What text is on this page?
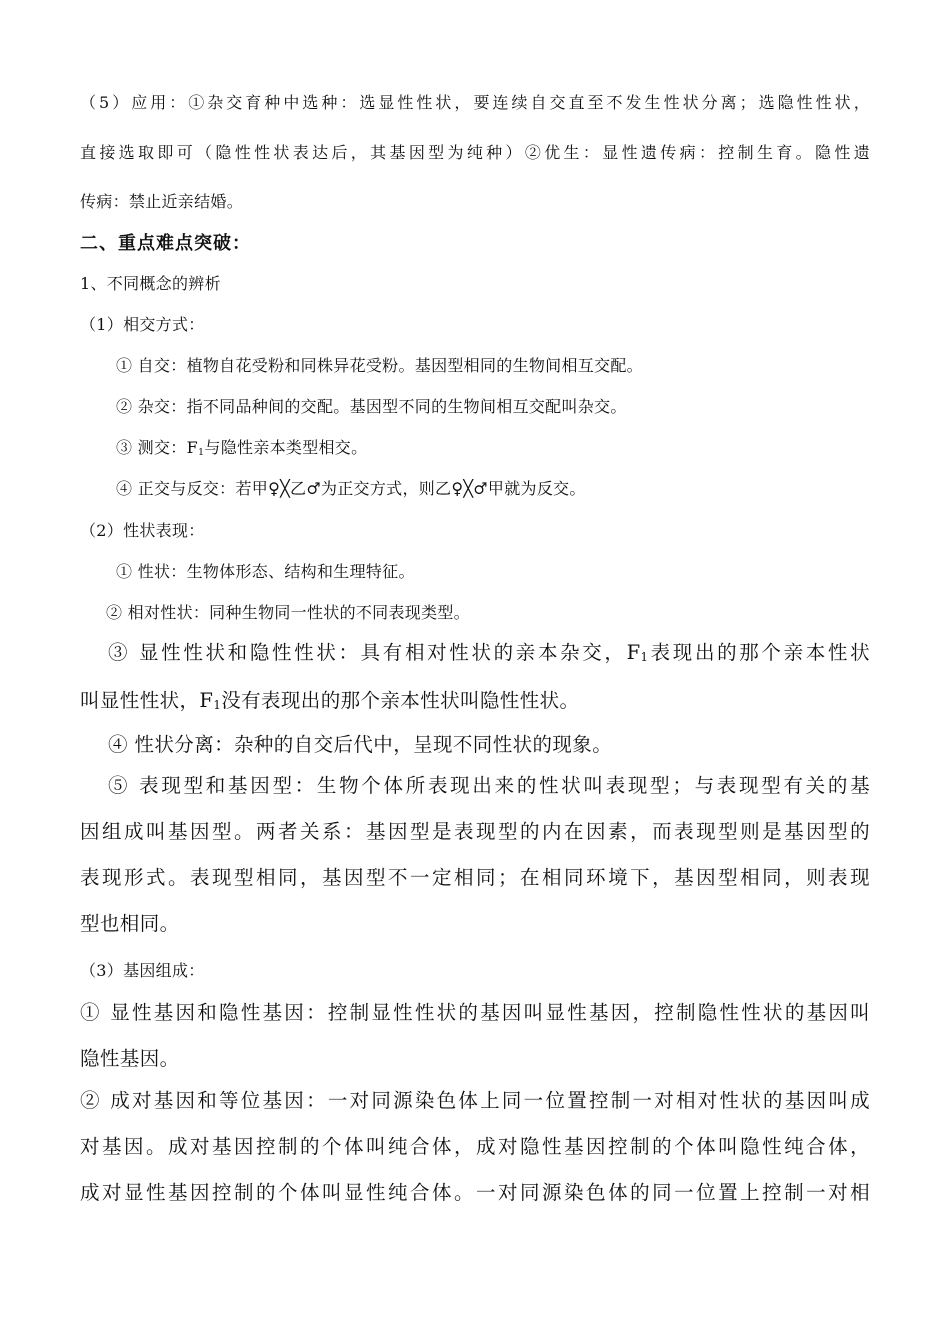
（5）应用：①杂交育种中选种：选显性性状，要连续自交直至不发生性状分离；选隐性性状，
直接选取即可（隐性性状表达后，其基因型为纯种）②优生：显性遗传病：控制生育。隐性遗
传病：禁止近亲结婚。
二、重点难点突破：
1、不同概念的辨析
（1）相交方式：
① 自交：植物自花受粉和同株异花受粉。基因型相同的生物间相互交配。
② 杂交：指不同品种间的交配。基因型不同的生物间相互交配叫杂交。
③ 测交：$F_1$与隐性亲本类型相交。
④ 正交与反交：若甲♀╳乙♂为正交方式，则乙♀╳♂甲就为反交。
（2）性状表现：
① 性状：生物体形态、结构和生理特征。
② 相对性状：同种生物同一性状的不同表现类型。
③ 显性性状和隐性性状：具有相对性状的亲本杂交，$F_1$表现出的那个亲本性状
叫显性性状，$F_1$没有表现出的那个亲本性状叫隐性性状。
④ 性状分离：杂种的自交后代中，呈现不同性状的现象。
⑤ 表现型和基因型：生物个体所表现出来的性状叫表现型；与表现型有关的基
因组成叫基因型。两者关系：基因型是表现型的内在因素，而表现型则是基因型的
表现形式。表现型相同，基因型不一定相同；在相同环境下，基因型相同，则表现
型也相同。
（3）基因组成：
① 显性基因和隐性基因：控制显性性状的基因叫显性基因，控制隐性性状的基因叫
隐性基因。
② 成对基因和等位基因：一对同源染色体上同一位置控制一对相对性状的基因叫成
对基因。成对基因控制的个体叫纯合体，成对隐性基因控制的个体叫隐性纯合体，
成对显性基因控制的个体叫显性纯合体。一对同源染色体的同一位置上控制一对相
